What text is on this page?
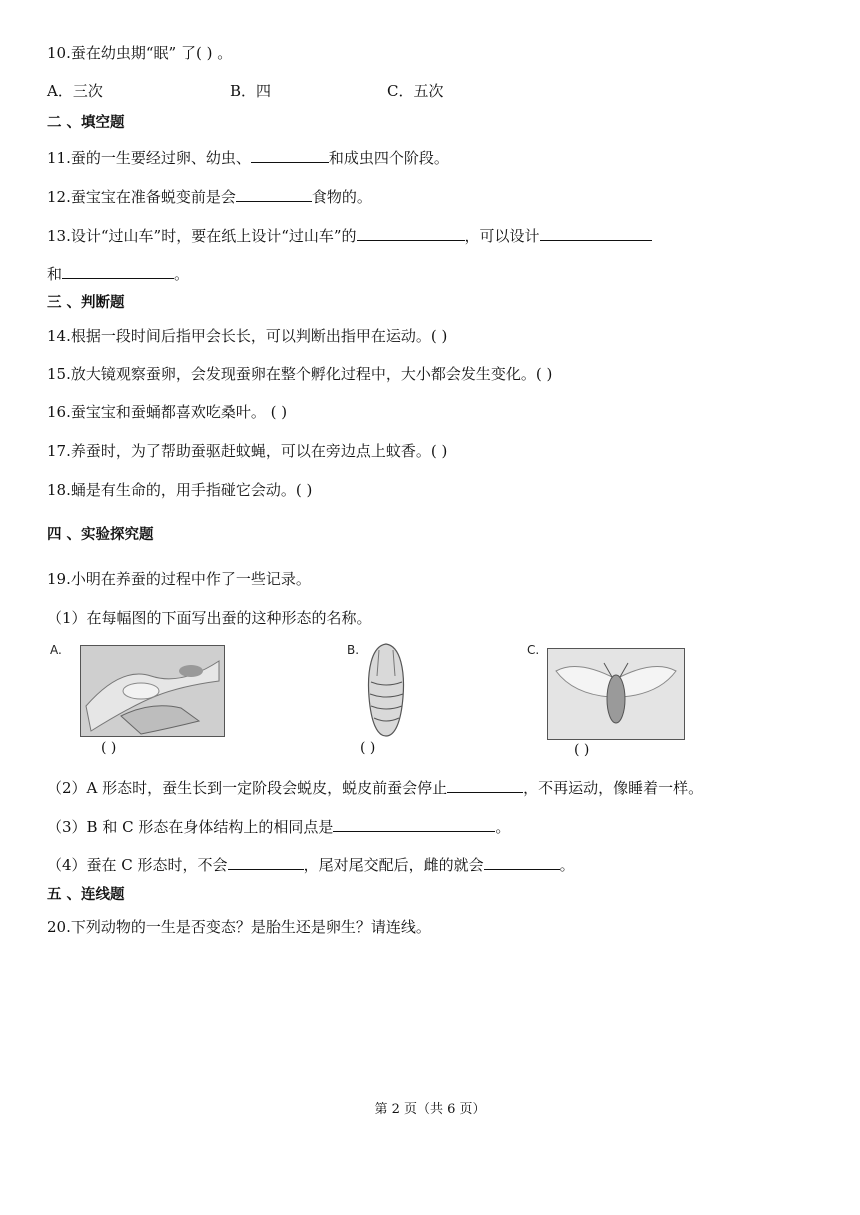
10.蚕在幼虫期“眠” 了( ) 。
A．三次	B．四	C．五次
二 、填空题
11.蚕的一生要经过卵、幼虫、	和成虫四个阶段。
12.蚕宝宝在准备蜕变前是会	食物的。
13.设计“过山车”时，要在纸上设计“过山车”的	，可以设计
和	。
三 、判断题
14.根据一段时间后指甲会长长，可以判断出指甲在运动。( )
15.放大镜观察蚕卵，会发现蚕卵在整个孵化过程中，大小都会发生变化。( )
16.蚕宝宝和蚕蛹都喜欢吃桑叶。 ( )
17.养蚕时，为了帮助蚕驱赶蚊蝇，可以在旁边点上蚊香。( )
18.蛹是有生命的，用手指碰它会动。( )
四 、实验探究题
19.小明在养蚕的过程中作了一些记录。
（1）在每幅图的下面写出蚕的这种形态的名称。
A.
( )
B.
( )
C.
( )
（2）A 形态时，蚕生长到一定阶段会蜕皮，蜕皮前蚕会停止	，不再运动，像睡着一样。
（3）B 和 C 形态在身体结构上的相同点是	。
（4）蚕在 C 形态时，不会	，尾对尾交配后，雌的就会	。
五 、连线题
20.下列动物的一生是否变态？是胎生还是卵生？请连线。
第 2 页（共 6 页）
